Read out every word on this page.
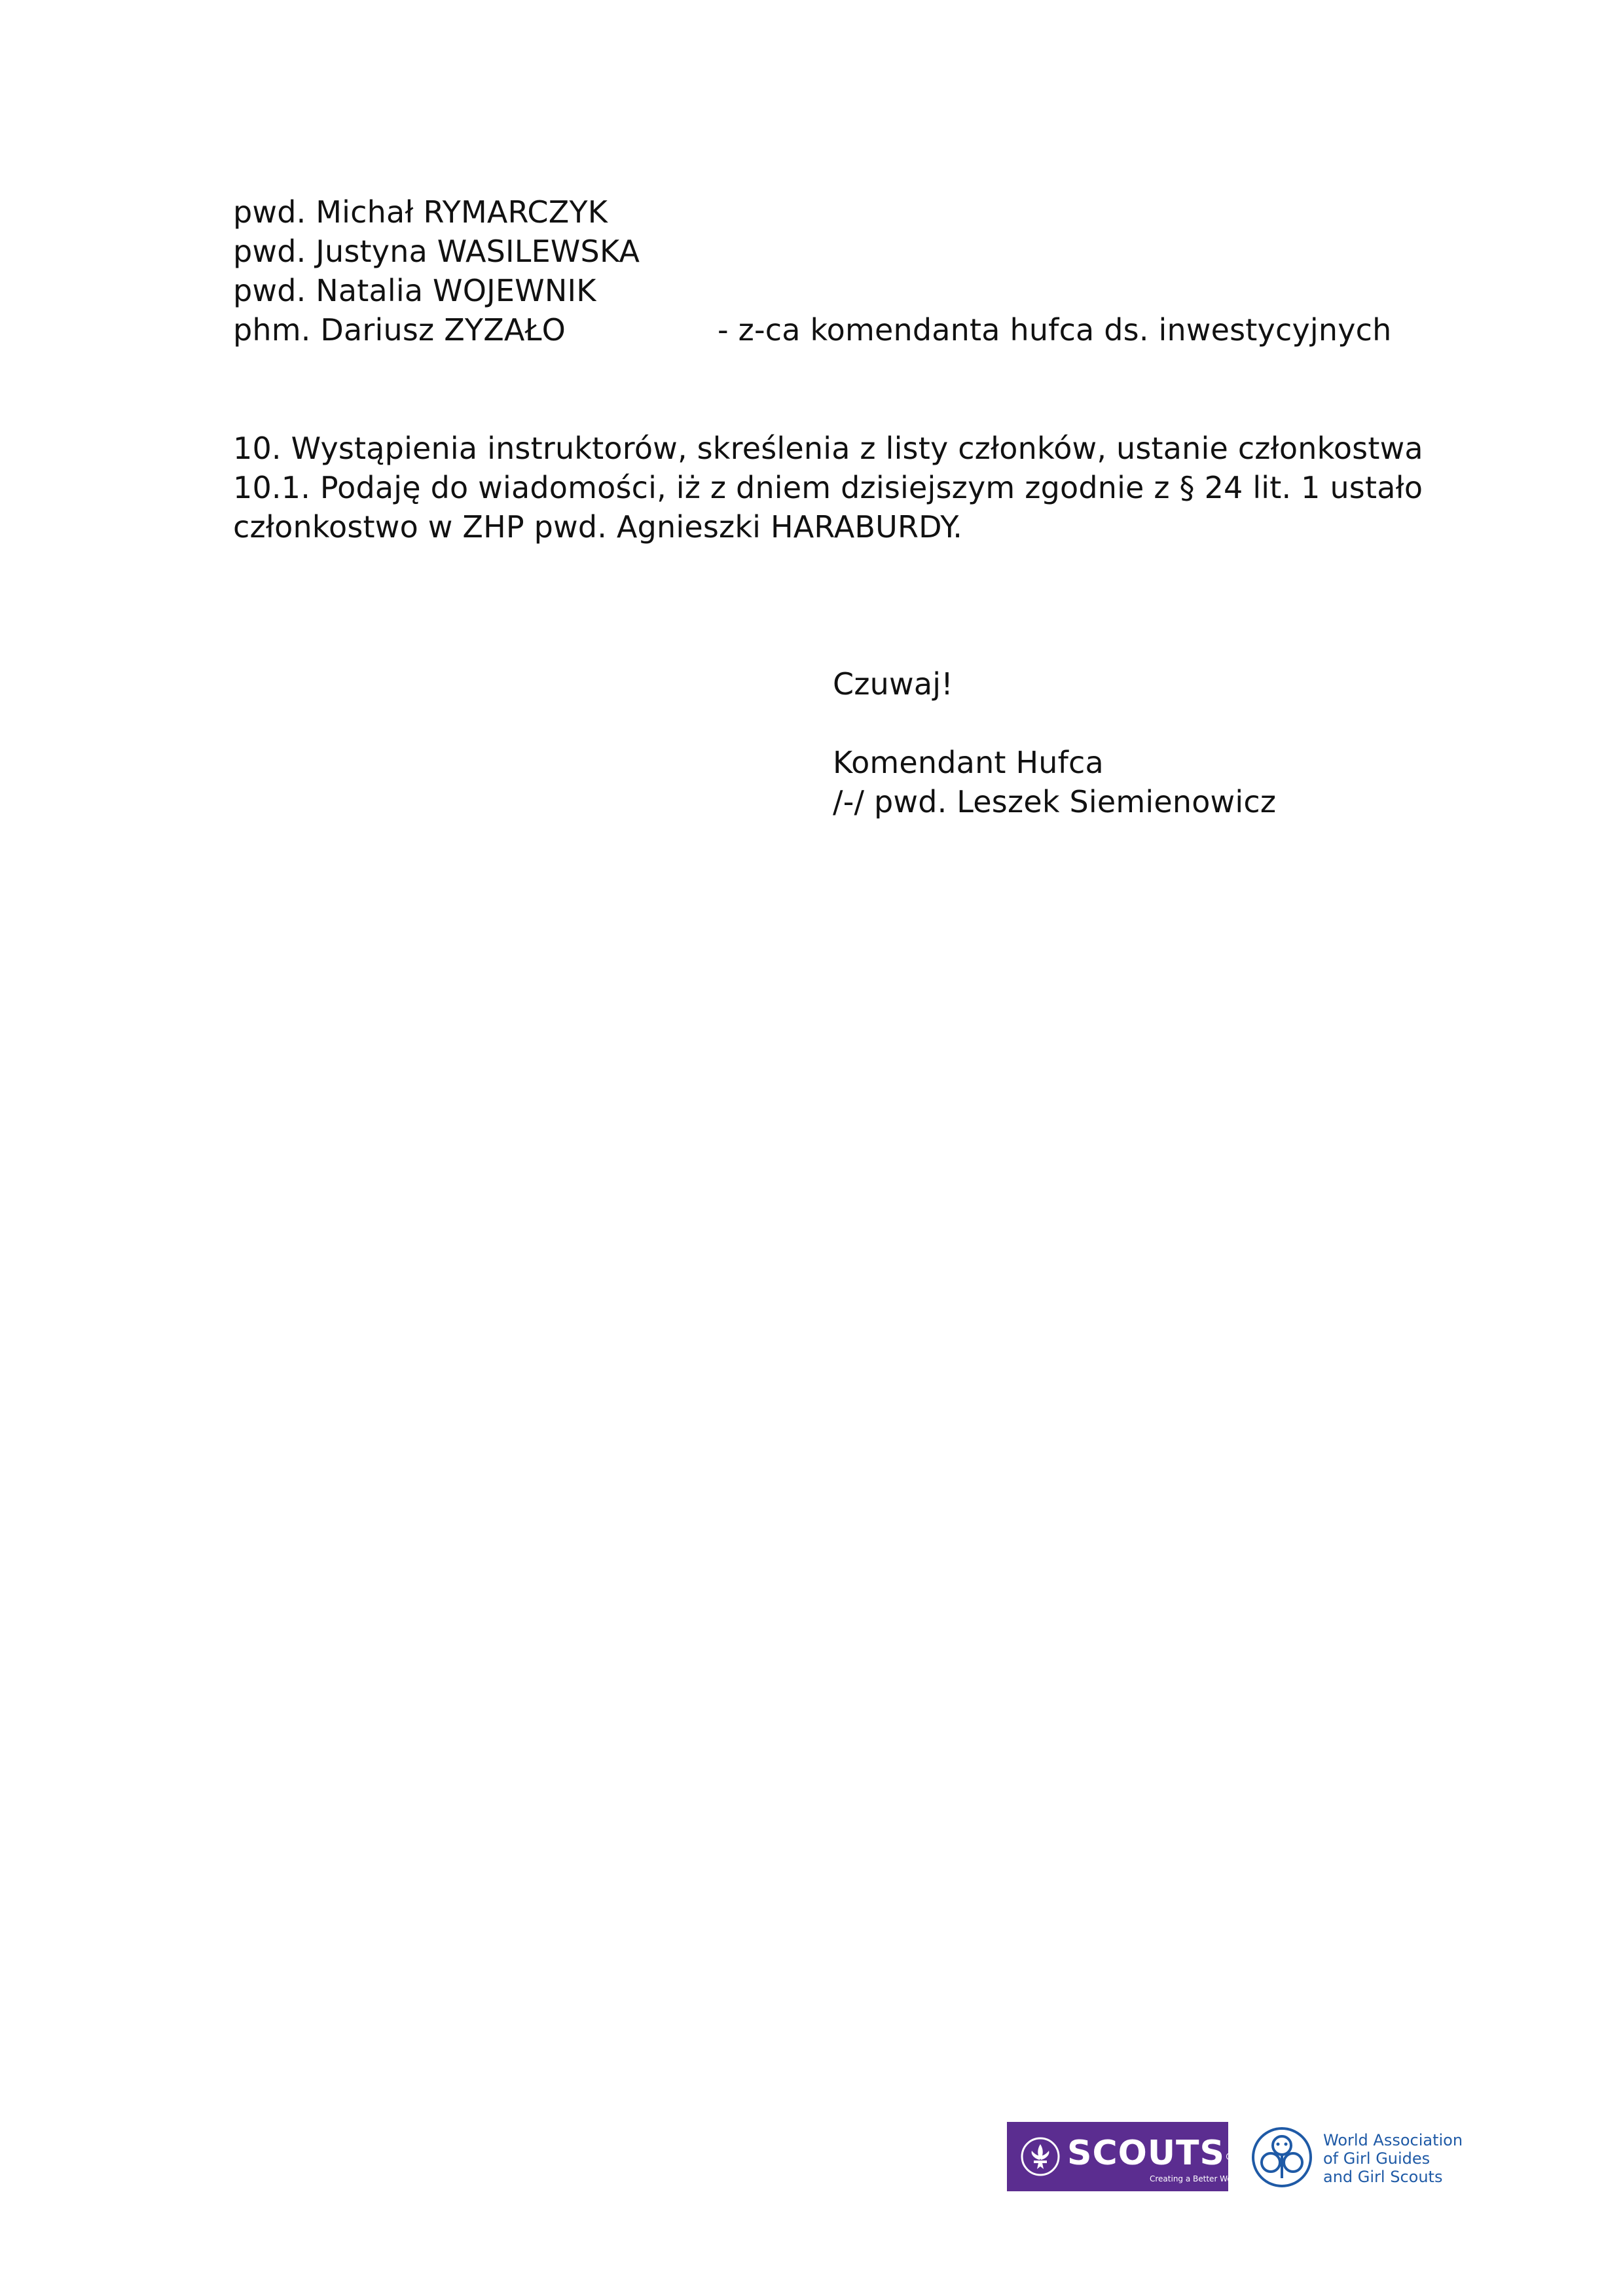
pwd. Michał RYMARCZYK
pwd. Justyna WASILEWSKA
pwd. Natalia WOJEWNIK
phm. Dariusz ZYZAŁO	- z-ca komendanta hufca ds. inwestycyjnych
10. Wystąpienia instruktorów, skreślenia z listy członków, ustanie członkostwa
10.1. Podaję do wiadomości, iż z dniem dzisiejszym zgodnie z § 24 lit. 1 ustało
członkostwo w ZHP pwd. Agnieszki HARABURDY.
Czuwaj!
Komendant Hufca
/-/ pwd. Leszek Siemienowicz
SCOUTS®
Creating a Better World
World Association
of Girl Guides
and Girl Scouts
